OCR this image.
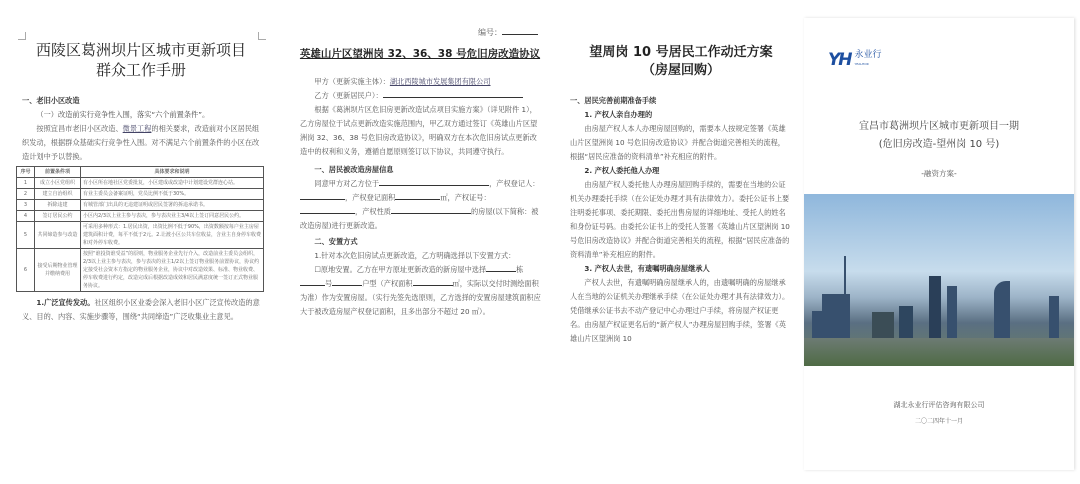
西陵区葛洲坝片区城市更新项目
群众工作手册
一、老旧小区改造
（一）改造前实行竞争性入围，落实“六个前置条件”。
按照宜昌市老旧小区改造、微景工程的相关要求，改造前对小区居民组织发动，根据群众基础实行竞争性入围。对不满足六个前置条件的小区在改造计划中予以替换。
序号	前置条件项	具体要求和说明
1	成立小区党组织	有小区所在地社区党委批复，小区建成或改造中计划建设党群连心站。
2	建立自治组织	有业主委员会备案证明，党员比例不低于30%。
3	拆除违建	有城管部门出具的无违建证明或居民签署的拆违承诺书。
4	签订居民公约	小区内2/3以上业主参与表决，参与表决业主3/4以上签订同意居民公约。
5	共同缔造参与改造	可采用多种形式：1.居民出资，出资比例不低于90%，出资数额按每户业主房屋建筑面积计费，每平不低于2元。2.让渡小区公共车位收益，含业主自身停车收费和对外停车收费。
6	接受后期物业管理并缴纳费用	按照“谁投资谁受益”的原则，物业服务企业先行介入，改造前业主委员会组织，2/3以上业主参与表决，参与表决的业主1/2以上签订物业服务前置协议，协议约定接受社会资本方指定的物业服务企业，协议中对改造效果、标准、物业收费、停车收费进行约定，改造完成后根据改造成效和居民满意度统一签订正式物业服务协议。
1.广泛宣传发动。社区组织小区业委会深入老旧小区广泛宣传改造的意义、目的、内容、实施步骤等，围绕“共同缔造”广泛收集业主意见。
编号：
英雄山片区望洲岗 32、36、38 号危旧房改造协议
甲方（更新实施主体）：湖北西陵城市发展集团有限公司
乙方（更新居民户）：
根据《葛洲坝片区危旧房更新改造试点项目实施方案》（详见附件 1），乙方房屋位于试点更新改造实施范围内，甲乙双方通过签订《英雄山片区望洲岗 32、36、38 号危旧房改造协议》，明确双方在本次危旧房试点更新改造中的权利和义务，遵循自愿原则签订以下协议，共同遵守执行。
一、居民被改造房屋信息
同意甲方对乙方位于	，产权登记人：，产权登记面积	㎡，产权证号：，产权性质	的房屋(以下简称：被改造房屋)进行更新改造。
二、安置方式
1.针对本次危旧房试点更新改造，乙方明确选择以下安置方式：
☐原地安置。乙方在甲方原址更新改造的新房屋中选择	栋号	户型（产权面积	㎡，实际以交付时测绘面积为准）作为安置房屋。（实行先签先选原则，乙方选择的安置房屋建筑面积应大于被改造房屋产权登记面积，且多出部分不超过 20 ㎡）。
望周岗 10 号居民工作动迁方案
（房屋回购）
一、居民完善前期准备手续
1. 产权人亲自办理的
由房屋产权人本人办理房屋回购的，需要本人按规定签署《英雄山片区望洲岗 10 号危旧房改造协议》并配合街道完善相关的流程，根据“居民应准备的资料清单”补充相应的附件。
2. 产权人委托他人办理
由房屋产权人委托他人办理房屋回购手续的，需要在当地的公证机关办理委托手续（在公证处办理才具有法律效力）。委托公证书上要注明委托事项、委托期限、委托出售房屋的详细地址、受托人的姓名和身份证号码。由委托公证书上的受托人签署《英雄山片区望洲岗 10 号危旧房改造协议》并配合街道完善相关的流程，根据“居民应准备的资料清单”补充相应的附件。
3. 产权人去世，有遗嘱明确房屋继承人
产权人去世，有遗嘱明确房屋继承人的，由遗嘱明确的房屋继承人在当地的公证机关办理继承手续（在公证处办理才具有法律效力）。凭借继承公证书去不动产登记中心办理过户手续，将房屋产权证更名。由房屋产权证更名后的“新产权人”办理房屋回购手续，签署《英雄山片区望洲岗 10
YH 永业行
YEALHOR
宜昌市葛洲坝片区城市更新项目一期
(危旧房改造-望州岗 10 号)
-融资方案-
湖北永业行评估咨询有限公司
二〇二四年十一月
